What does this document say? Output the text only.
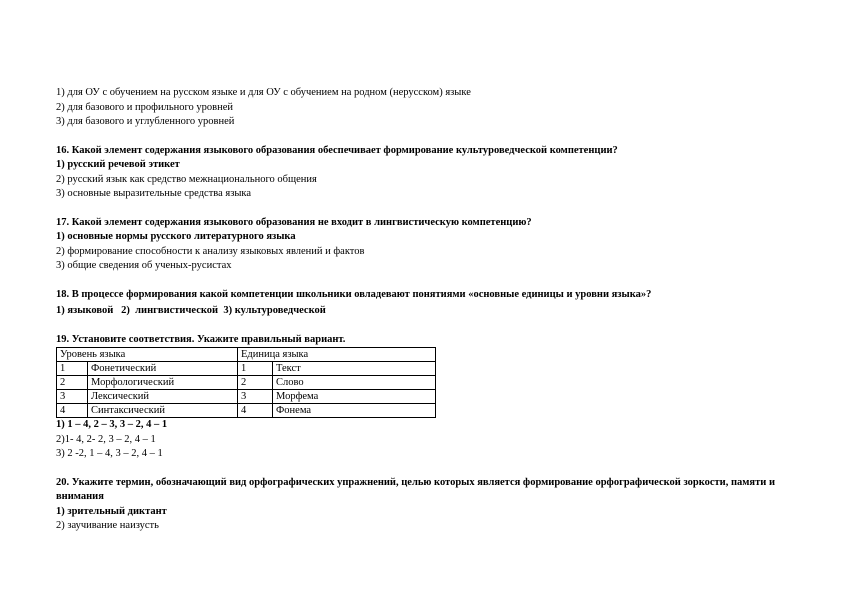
1) для ОУ с обучением на русском языке и для ОУ с обучением на родном (нерусском) языке
2) для базового и профильного уровней
3) для базового и углубленного уровней
16. Какой элемент содержания языкового образования обеспечивает формирование культуроведческой компетенции?
1) русский речевой этикет
2) русский язык как средство межнационального общения
3) основные выразительные средства языка
17. Какой элемент содержания языкового образования не входит в лингвистическую компетенцию?
1) основные нормы русского литературного языка
2) формирование способности к анализу языковых явлений и фактов
3) общие сведения об ученых-русистах
18. В процессе формирования какой компетенции школьники овладевают понятиями «основные единицы и уровни языка»?
1) языковой   2)  лингвистической  3) культуроведческой
19. Установите соответствия. Укажите правильный вариант.
Уровень языка		Единица языка	
1	Фонетический	1	Текст
2	Морфологический	2	Слово
3	Лексический	3	Морфема
4	Синтаксический	4	Фонема
1) 1 – 4, 2 – 3, 3 – 2, 4 – 1
2)1- 4, 2- 2, 3 – 2, 4 – 1
3) 2 -2, 1 – 4, 3 – 2, 4 – 1
20. Укажите термин, обозначающий вид орфографических упражнений, целью которых является формирование орфографической зоркости, памяти и внимания
1) зрительный диктант
2) заучивание наизусть
